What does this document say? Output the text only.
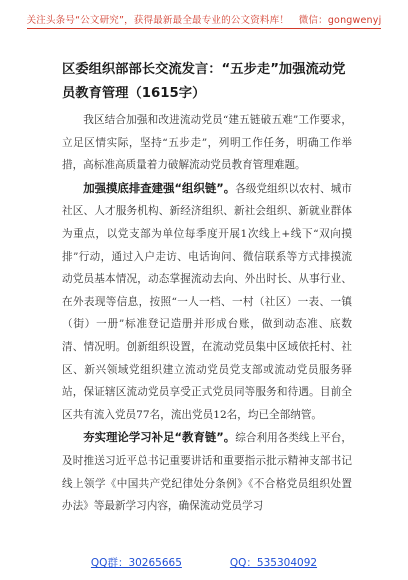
关注头条号“公文研究”，获得最新最全最专业的公文资料库！　微信：gongwenyj
区委组织部部长交流发言：“五步走”加强流动党员教育管理（1615字）

我区结合加强和改进流动党员“建五链破五难”工作要求，立足区情实际，坚持“五步走”，列明工作任务，明确工作举措，高标准高质量着力破解流动党员教育管理难题。

加强摸底排查建强“组织链”。各级党组织以农村、城市社区、人才服务机构、新经济组织、新社会组织、新就业群体为重点，以党支部为单位每季度开展1次线上+线下“双向摸排”行动，通过入户走访、电话询问、微信联系等方式排摸流动党员基本情况，动态掌握流动去向、外出时长、从事行业、在外表现等信息，按照“一人一档、一村（社区）一表、一镇（街）一册”标准登记造册并形成台账，做到动态准、底数清、情况明。创新组织设置，在流动党员集中区域依托村、社区、新兴领域党组织建立流动党员党支部或流动党员服务驿站，保证辖区流动党员享受正式党员同等服务和待遇。目前全区共有流入党员77名，流出党员12名，均已全部纳管。

夯实理论学习补足“教育链”。综合利用各类线上平台，及时推送习近平总书记重要讲话和重要指示批示精神支部书记线上领学《中国共产党纪律处分条例》《不合格党员组织处置办法》等最新学习内容，确保流动党员学习

QQ群：30265665	QQ：535304092
